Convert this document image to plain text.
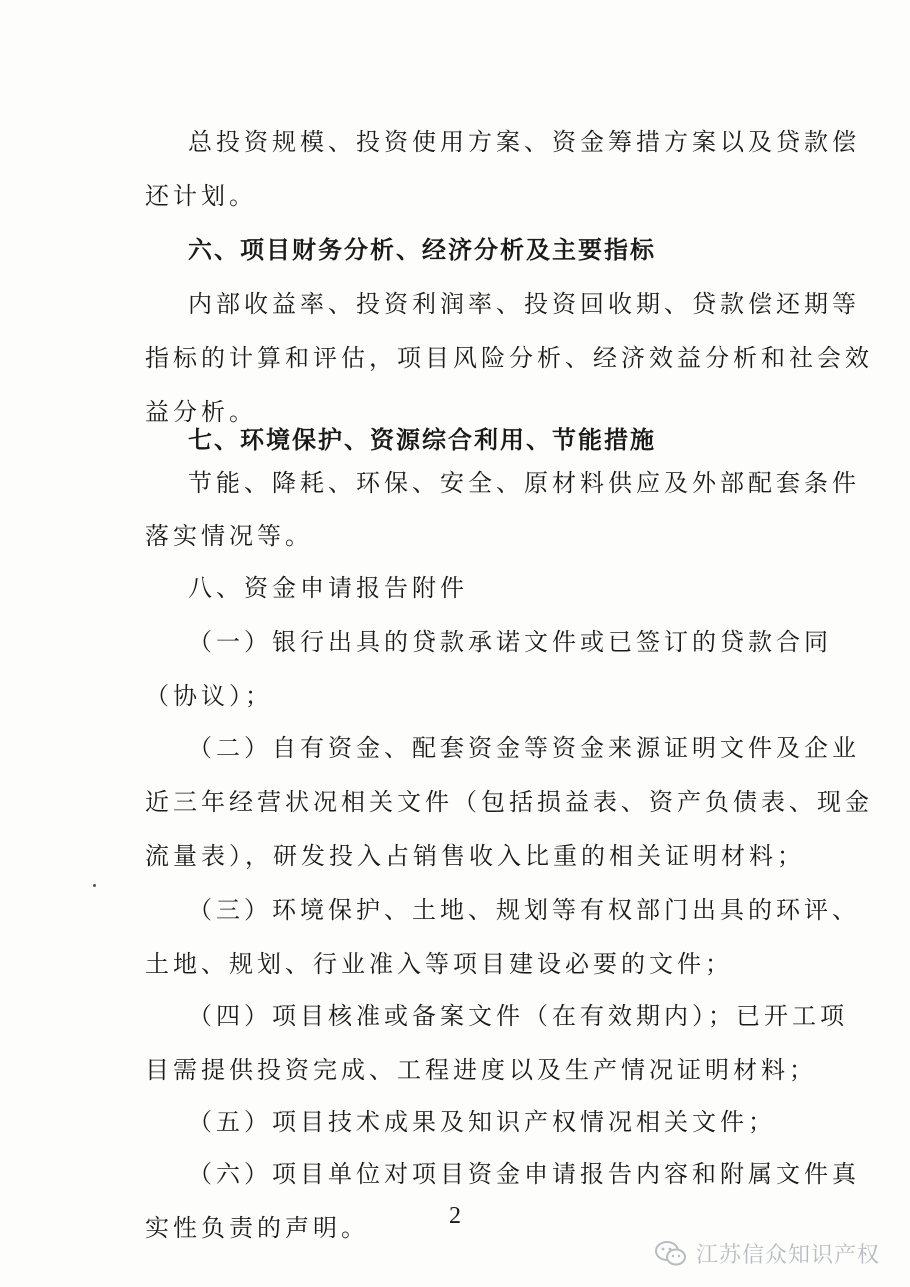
总投资规模、投资使用方案、资金筹措方案以及贷款偿
还计划。
六、项目财务分析、经济分析及主要指标
内部收益率、投资利润率、投资回收期、贷款偿还期等
指标的计算和评估，项目风险分析、经济效益分析和社会效
益分析。
七、环境保护、资源综合利用、节能措施
节能、降耗、环保、安全、原材料供应及外部配套条件
落实情况等。
八、资金申请报告附件
（一）银行出具的贷款承诺文件或已签订的贷款合同
（协议）；
（二）自有资金、配套资金等资金来源证明文件及企业
近三年经营状况相关文件（包括损益表、资产负债表、现金
流量表），研发投入占销售收入比重的相关证明材料；
（三）环境保护、土地、规划等有权部门出具的环评、
土地、规划、行业准入等项目建设必要的文件；
（四）项目核准或备案文件（在有效期内）；已开工项
目需提供投资完成、工程进度以及生产情况证明材料；
（五）项目技术成果及知识产权情况相关文件；
（六）项目单位对项目资金申请报告内容和附属文件真
实性负责的声明。	2
江苏信众知识产权
